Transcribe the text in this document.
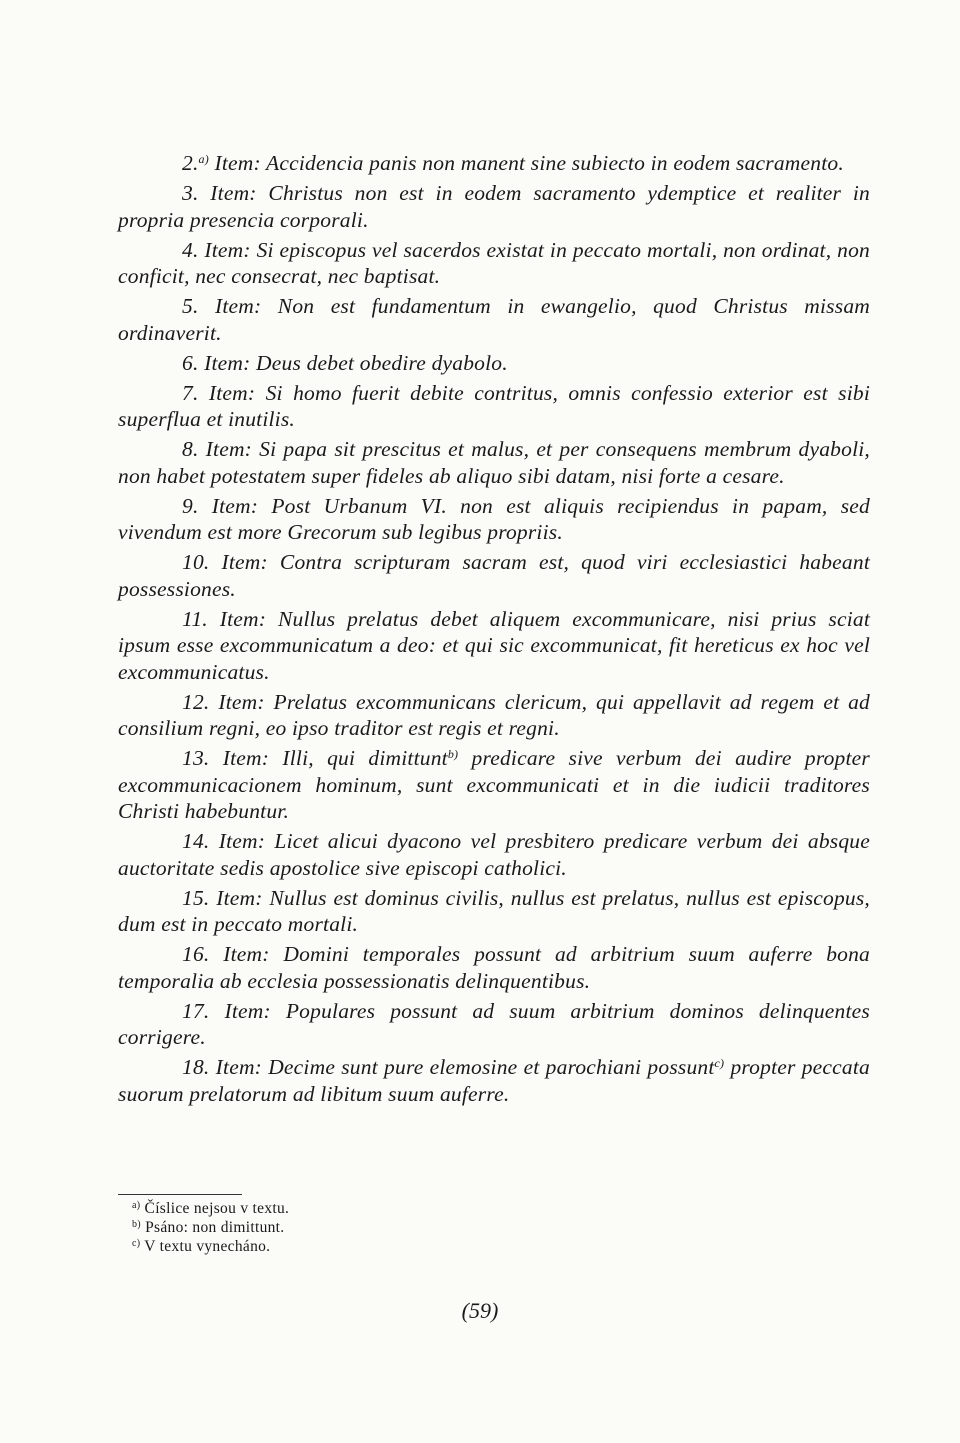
2.$^{a)}$ Item: Accidencia panis non manent sine subiecto in eodem sacramento.

3. Item: Christus non est in eodem sacramento ydemptice et realiter in propria presencia corporali.

4. Item: Si episcopus vel sacerdos existat in peccato mortali, non ordinat, non conficit, nec consecrat, nec baptisat.

5. Item: Non est fundamentum in ewangelio, quod Christus missam ordinaverit.

6. Item: Deus debet obedire dyabolo.

7. Item: Si homo fuerit debite contritus, omnis confessio exterior est sibi superflua et inutilis.

8. Item: Si papa sit prescitus et malus, et per consequens membrum dyaboli, non habet potestatem super fideles ab aliquo sibi datam, nisi forte a cesare.

9. Item: Post Urbanum VI. non est aliquis recipiendus in papam, sed vivendum est more Grecorum sub legibus propriis.

10. Item: Contra scripturam sacram est, quod viri ecclesiastici habeant possessiones.

11. Item: Nullus prelatus debet aliquem excommunicare, nisi prius sciat ipsum esse excommunicatum a deo: et qui sic excommunicat, fit hereticus ex hoc vel excommunicatus.

12. Item: Prelatus excommunicans clericum, qui appellavit ad regem et ad consilium regni, eo ipso traditor est regis et regni.

13. Item: Illi, qui dimittunt$^{b)}$ predicare sive verbum dei audire propter excommunicacionem hominum, sunt excommunicati et in die iudicii traditores Christi habebuntur.

14. Item: Licet alicui dyacono vel presbitero predicare verbum dei absque auctoritate sedis apostolice sive episcopi catholici.

15. Item: Nullus est dominus civilis, nullus est prelatus, nullus est episcopus, dum est in peccato mortali.

16. Item: Domini temporales possunt ad arbitrium suum auferre bona temporalia ab ecclesia possessionatis delinquentibus.

17. Item: Populares possunt ad suum arbitrium dominos delinquentes corrigere.

18. Item: Decime sunt pure elemosine et parochiani possunt$^{c)}$ propter peccata suorum prelatorum ad libitum suum auferre.

$^{a)}$ Číslice nejsou v textu.

$^{b)}$ Psáno: non dimittunt.

$^{c)}$ V textu vynecháno.

(59)
